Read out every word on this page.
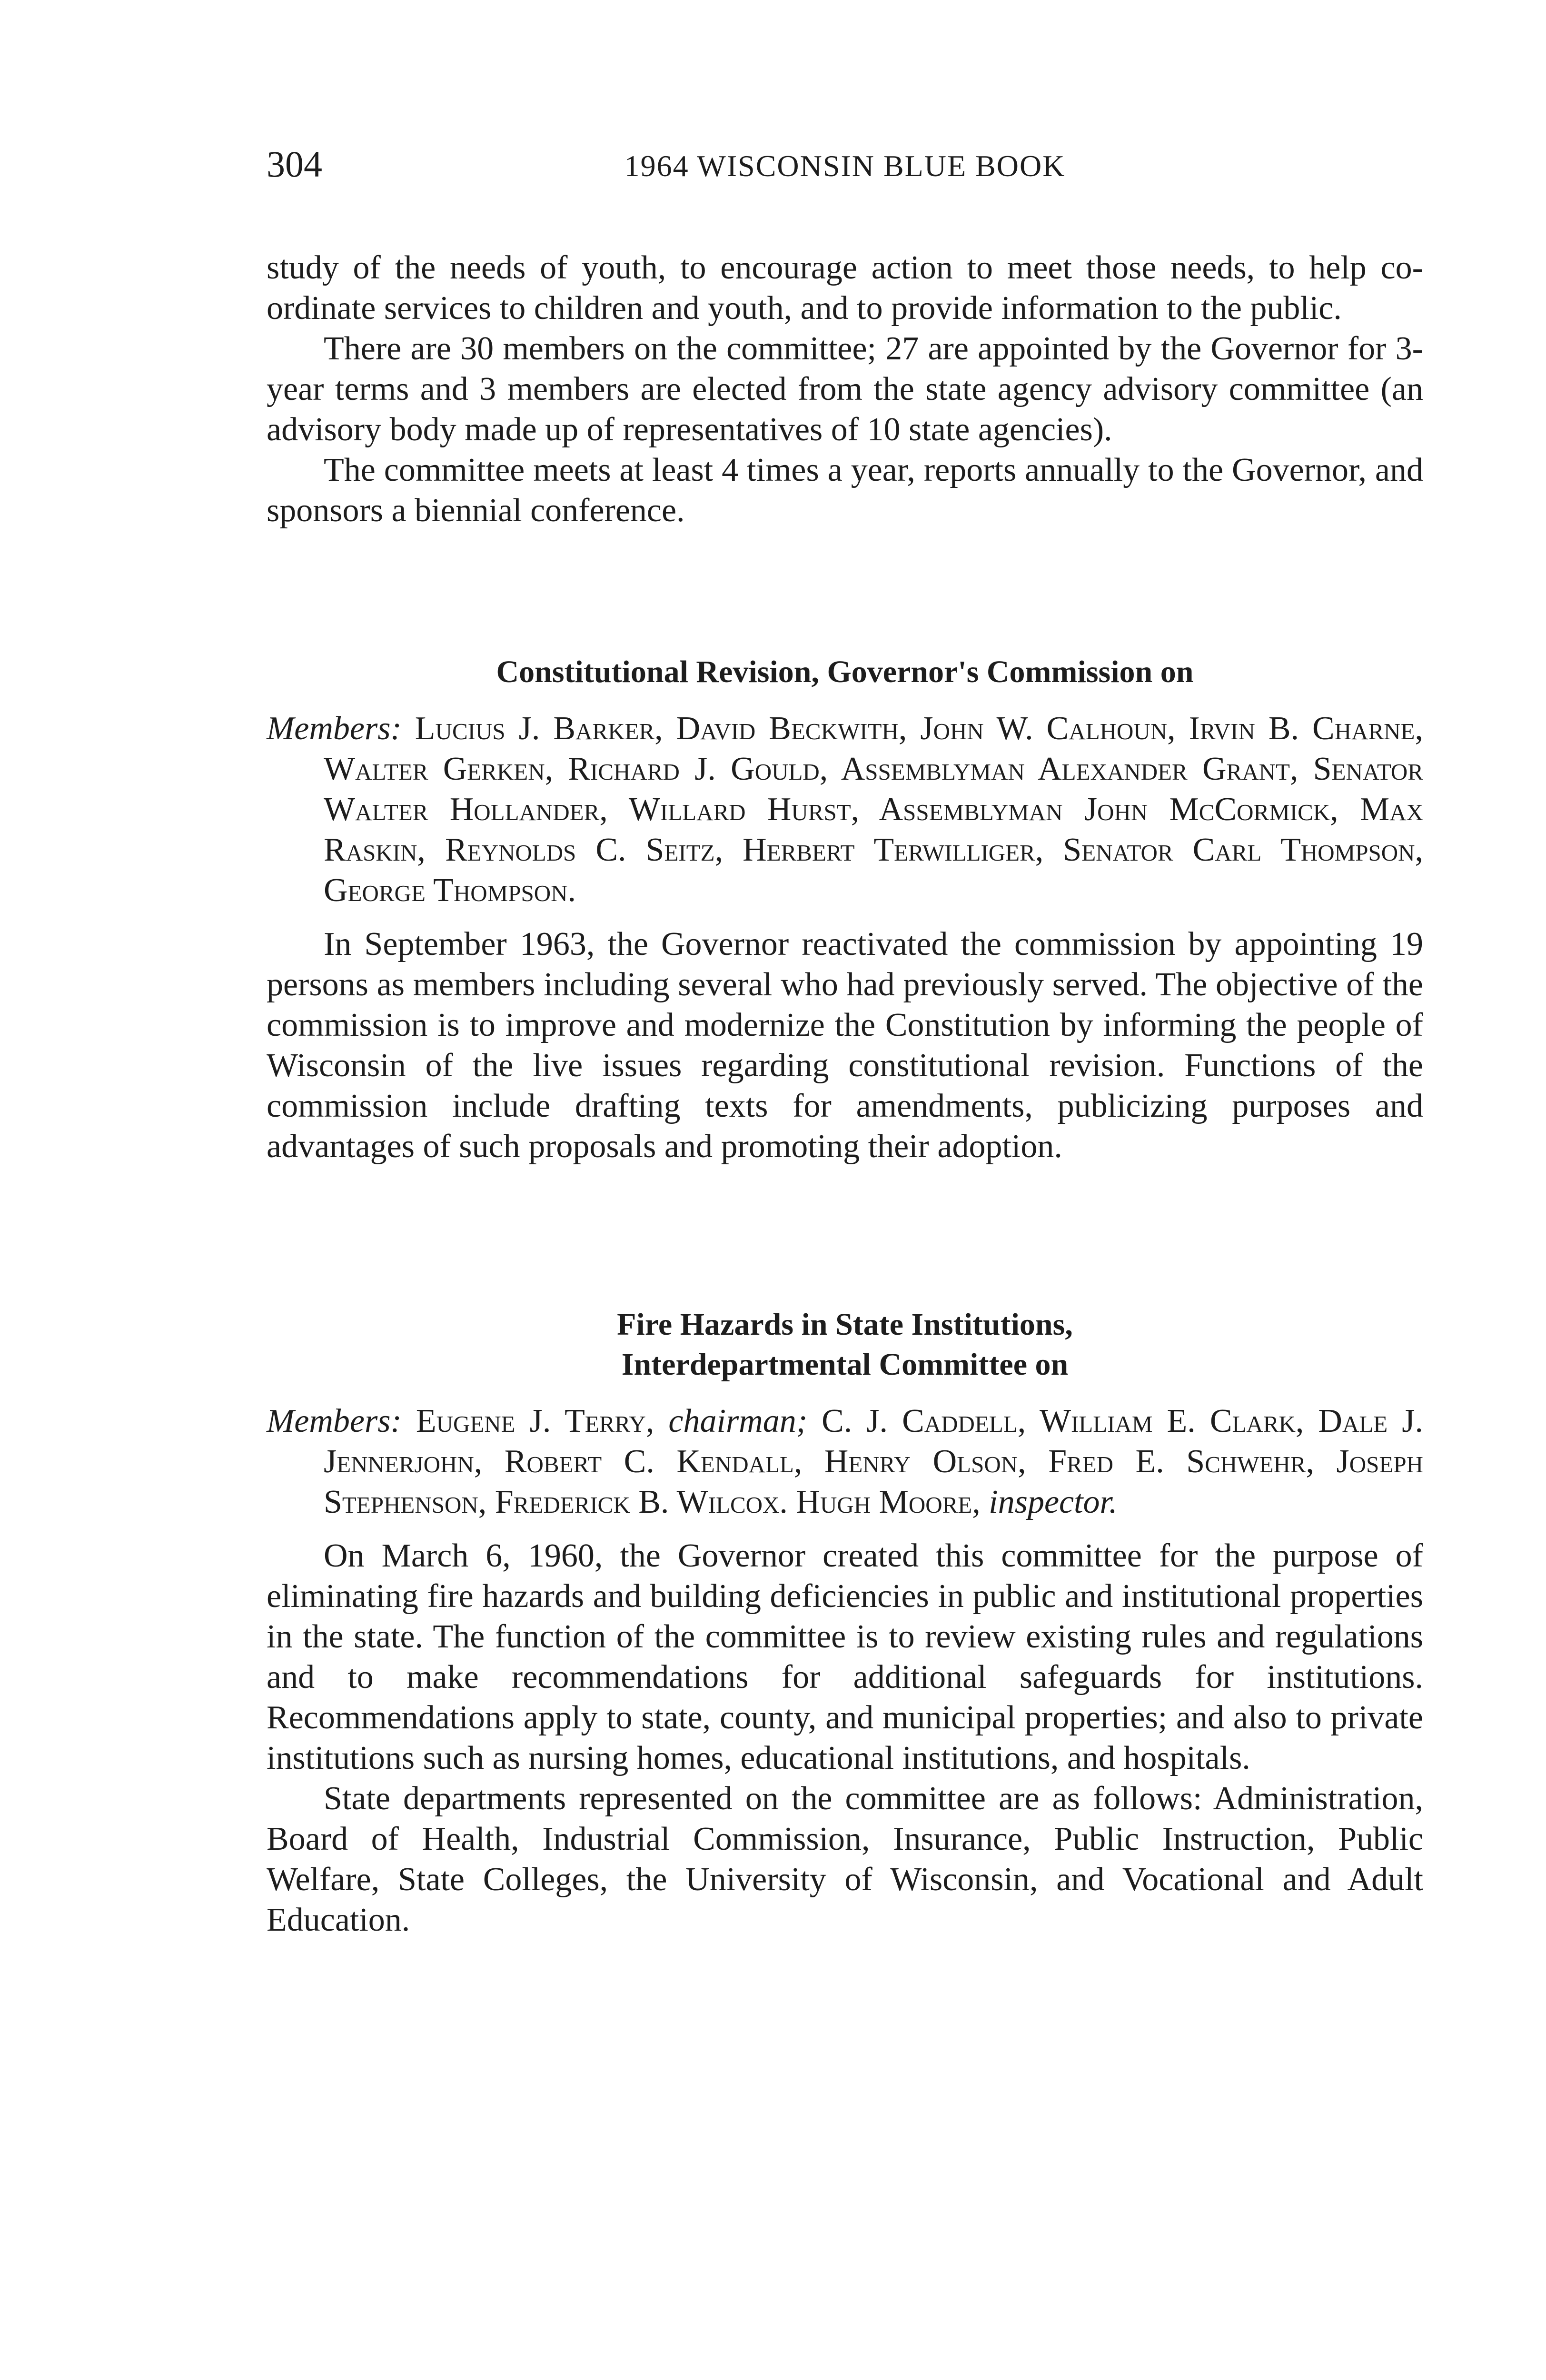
304	1964 WISCONSIN BLUE BOOK

study of the needs of youth, to encourage action to meet those needs, to help co-ordinate services to children and youth, and to provide information to the public.

There are 30 members on the committee; 27 are appointed by the Governor for 3-year terms and 3 members are elected from the state agency advisory committee (an advisory body made up of representatives of 10 state agencies).

The committee meets at least 4 times a year, reports annually to the Governor, and sponsors a biennial conference.

Constitutional Revision, Governor's Commission on

Members: Lucius J. Barker, David Beckwith, John W. Calhoun, Irvin B. Charne, Walter Gerken, Richard J. Gould, Assemblyman Alexander Grant, Senator Walter Hollander, Willard Hurst, Assemblyman John McCormick, Max Raskin, Reynolds C. Seitz, Herbert Terwilliger, Senator Carl Thompson, George Thompson.

In September 1963, the Governor reactivated the commission by appointing 19 persons as members including several who had previously served. The objective of the commission is to improve and modernize the Constitution by informing the people of Wisconsin of the live issues regarding constitutional revision. Functions of the commission include drafting texts for amendments, publicizing purposes and advantages of such proposals and promoting their adoption.

Fire Hazards in State Institutions,
Interdepartmental Committee on

Members: Eugene J. Terry, chairman; C. J. Caddell, William E. Clark, Dale J. Jennerjohn, Robert C. Kendall, Henry Olson, Fred E. Schwehr, Joseph Stephenson, Frederick B. Wilcox. Hugh Moore, inspector.

On March 6, 1960, the Governor created this committee for the purpose of eliminating fire hazards and building deficiencies in public and institutional properties in the state. The function of the committee is to review existing rules and regulations and to make recommendations for additional safeguards for institutions. Recommendations apply to state, county, and municipal properties; and also to private institutions such as nursing homes, educational institutions, and hospitals.

State departments represented on the committee are as follows: Administration, Board of Health, Industrial Commission, Insurance, Public Instruction, Public Welfare, State Colleges, the University of Wisconsin, and Vocational and Adult Education.
